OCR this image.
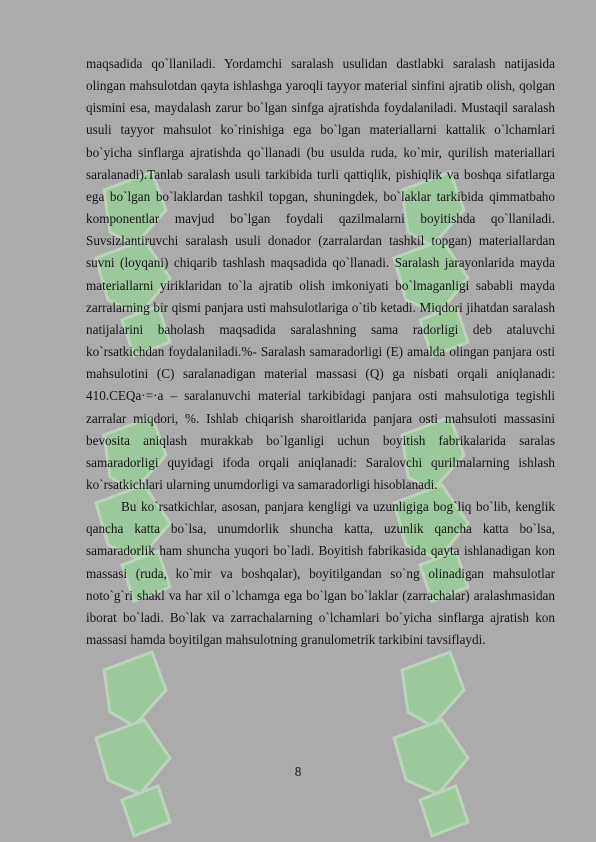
maqsadida qo`llaniladi. Yordamchi saralash usulidan dastlabki saralash natijasida olingan mahsulotdan qayta ishlashga yaroqli tayyor material sinfini ajratib olish, qolgan qismini esa, maydalash zarur bo`lgan sinfga ajratishda foydalaniladi. Mustaqil saralash usuli tayyor mahsulot ko`rinishiga ega bo`lgan materiallarni kattalik o`lchamlari bo`yicha sinflarga ajratishda qo`llanadi (bu usulda ruda, ko`mir, qurilish materiallari saralanadi).Tanlab saralash usuli tarkibida turli qattiqlik, pishiqlik va boshqa sifatlarga ega bo`lgan bo`laklardan tashkil topgan, shuningdek, bo`laklar tarkibida qimmatbaho komponentlar mavjud bo`lgan foydali qazilmalarni boyitishda qo`llaniladi. Suvsizlantiruvchi saralash usuli donador (zarralardan tashkil topgan) materiallardan suvni (loyqani) chiqarib tashlash maqsadida qo`llanadi. Saralash jarayonlarida mayda materiallarni yiriklaridan to`la ajratib olish imkoniyati bo`lmaganligi sababli mayda zarralarning bir qismi panjara usti mahsulotlariga o`tib ketadi. Miqdori jihatdan saralash natijalarini baholash maqsadida saralashning sama radorligi deb ataluvchi ko`rsatkichdan foydalaniladi.%- Saralash samaradorligi (E) amalda olingan panjara osti mahsulotini (C) saralanadigan material massasi (Q) ga nisbati orqali aniqlanadi: 410.CEQa·=·a – saralanuvchi material tarkibidagi panjara osti mahsulotiga tegishli zarralar miqdori, %. Ishlab chiqarish sharoitlarida panjara osti mahsuloti massasini bevosita aniqlash murakkab bo`lganligi uchun boyitish fabrikalarida saralas samaradorligi quyidagi ifoda orqali aniqlanadi: Saralovchi qurilmalarning ishlash ko`rsatkichlari ularning unumdorligi va samaradorligi hisoblanadi.

Bu ko`rsatkichlar, asosan, panjara kengligi va uzunligiga bog`liq bo`lib, kenglik qancha katta bo`lsa, unumdorlik shuncha katta, uzunlik qancha katta bo`lsa, samaradorlik ham shuncha yuqori bo`ladi. Boyitish fabrikasida qayta ishlanadigan kon massasi (ruda, ko`mir va boshqalar), boyitilgandan so`ng olinadigan mahsulotlar noto`g`ri shakl va har xil o`lchamga ega bo`lgan bo`laklar (zarrachalar) aralashmasidan iborat bo`ladi. Bo`lak va zarrachalarning o`lchamlari bo`yicha sinflarga ajratish kon massasi hamda boyitilgan mahsulotning granulometrik tarkibini tavsiflaydi.

8
